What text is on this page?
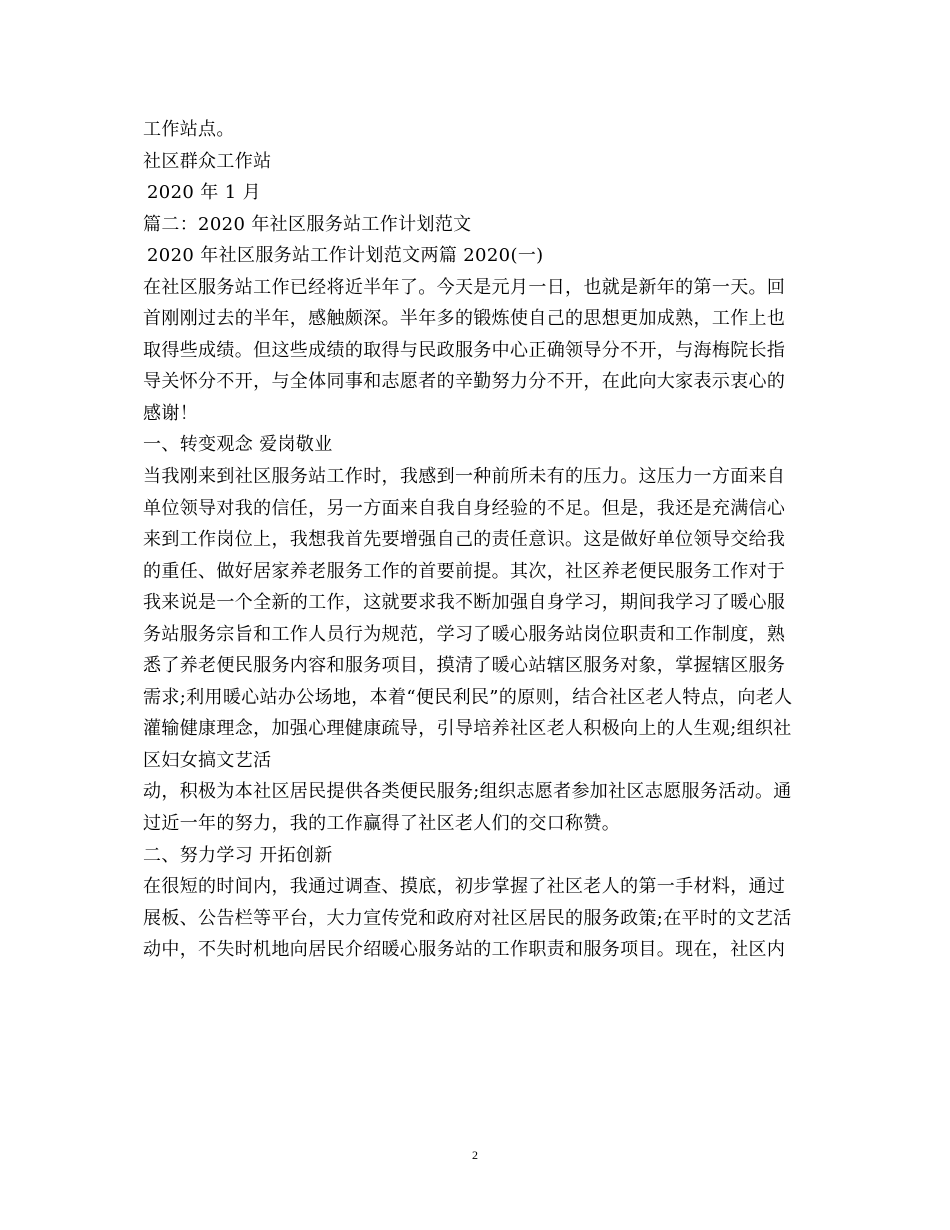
工作站点。
社区群众工作站
2020 年 1 月
篇二：2020 年社区服务站工作计划范文
2020 年社区服务站工作计划范文两篇 2020(一)
在社区服务站工作已经将近半年了。今天是元月一日，也就是新年的第一天。回
首刚刚过去的半年，感触颇深。半年多的锻炼使自己的思想更加成熟，工作上也
取得些成绩。但这些成绩的取得与民政服务中心正确领导分不开，与海梅院长指
导关怀分不开，与全体同事和志愿者的辛勤努力分不开，在此向大家表示衷心的
感谢！
一、转变观念 爱岗敬业
当我刚来到社区服务站工作时，我感到一种前所未有的压力。这压力一方面来自
单位领导对我的信任，另一方面来自我自身经验的不足。但是，我还是充满信心
来到工作岗位上，我想我首先要增强自己的责任意识。这是做好单位领导交给我
的重任、做好居家养老服务工作的首要前提。其次，社区养老便民服务工作对于
我来说是一个全新的工作，这就要求我不断加强自身学习，期间我学习了暖心服
务站服务宗旨和工作人员行为规范，学习了暖心服务站岗位职责和工作制度，熟
悉了养老便民服务内容和服务项目，摸清了暖心站辖区服务对象，掌握辖区服务
需求;利用暖心站办公场地，本着“便民利民”的原则，结合社区老人特点，向老人
灌输健康理念，加强心理健康疏导，引导培养社区老人积极向上的人生观;组织社
区妇女搞文艺活
动，积极为本社区居民提供各类便民服务;组织志愿者参加社区志愿服务活动。通
过近一年的努力，我的工作赢得了社区老人们的交口称赞。
二、努力学习 开拓创新
在很短的时间内，我通过调查、摸底，初步掌握了社区老人的第一手材料，通过
展板、公告栏等平台，大力宣传党和政府对社区居民的服务政策;在平时的文艺活
动中，不失时机地向居民介绍暖心服务站的工作职责和服务项目。现在，社区内
2
